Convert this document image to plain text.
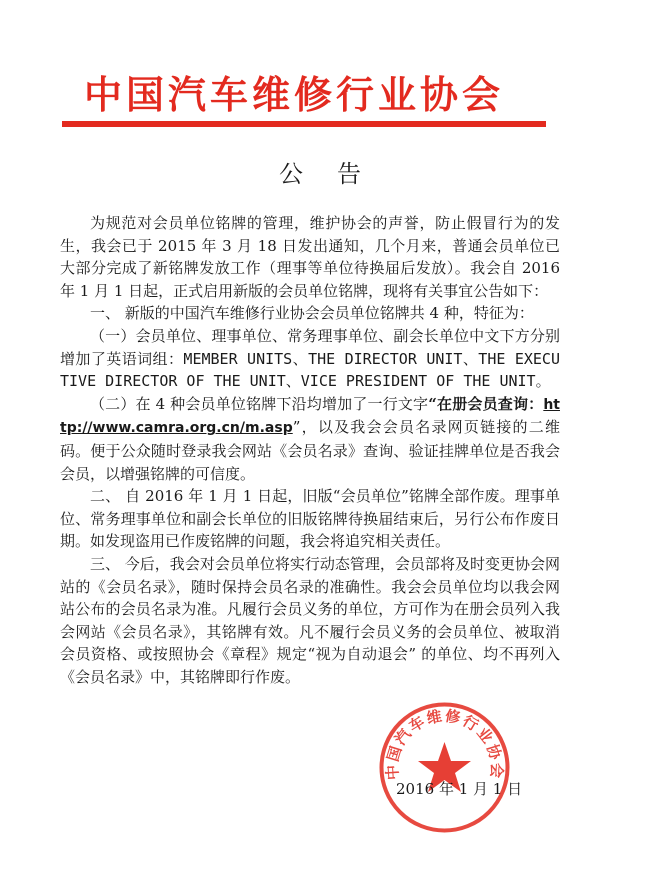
中国汽车维修行业协会
公告

为规范对会员单位铭牌的管理，维护协会的声誉，防止假冒行为的发生，我会已于 2015 年 3 月 18 日发出通知，几个月来，普通会员单位已大部分完成了新铭牌发放工作（理事等单位待换届后发放）。我会自 2016 年 1 月 1 日起，正式启用新版的会员单位铭牌，现将有关事宜公告如下：

一、 新版的中国汽车维修行业协会会员单位铭牌共 4 种，特征为：

（一）会员单位、理事单位、常务理事单位、副会长单位中文下方分别增加了英语词组：MEMBER UNITS、THE DIRECTOR UNIT、THE EXECUTIVE DIRECTOR OF THE UNIT、VICE PRESIDENT OF THE UNIT。

（二）在 4 种会员单位铭牌下沿均增加了一行文字“在册会员查询：http://www.camra.org.cn/m.asp”，以及我会会员名录网页链接的二维码。便于公众随时登录我会网站《会员名录》查询、验证挂牌单位是否我会会员，以增强铭牌的可信度。

二、 自 2016 年 1 月 1 日起，旧版“会员单位”铭牌全部作废。理事单位、常务理事单位和副会长单位的旧版铭牌待换届结束后，另行公布作废日期。如发现盗用已作废铭牌的问题，我会将追究相关责任。

三、 今后，我会对会员单位将实行动态管理，会员部将及时变更协会网站的《会员名录》，随时保持会员名录的准确性。我会会员单位均以我会网站公布的会员名录为准。凡履行会员义务的单位，方可作为在册会员列入我会网站《会员名录》，其铭牌有效。凡不履行会员义务的会员单位、被取消会员资格、或按照协会《章程》规定“视为自动退会” 的单位、均不再列入《会员名录》中，其铭牌即行作废。

中国汽车维修行业协会
2016 年 1 月 1 日
